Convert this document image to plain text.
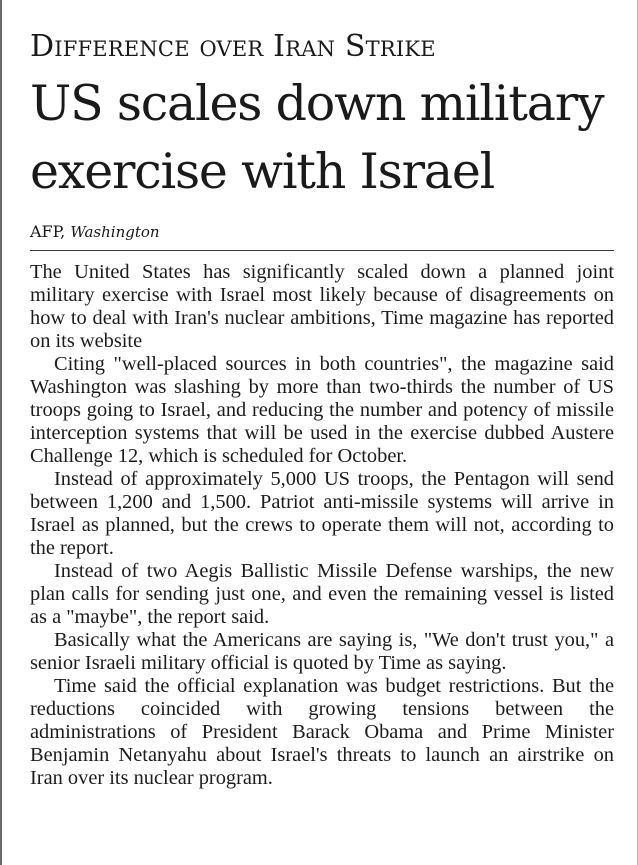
Difference over Iran Strike
US scales down military exercise with Israel
AFP, Washington

The United States has significantly scaled down a planned joint military exercise with Israel most likely because of disagreements on how to deal with Iran's nuclear ambitions, Time magazine has reported on its website

Citing "well-placed sources in both countries", the magazine said Washington was slashing by more than two-thirds the number of US troops going to Israel, and reducing the number and potency of missile interception systems that will be used in the exercise dubbed Austere Challenge 12, which is scheduled for October.

Instead of approximately 5,000 US troops, the Pentagon will send between 1,200 and 1,500. Patriot anti-missile systems will arrive in Israel as planned, but the crews to operate them will not, according to the report.

Instead of two Aegis Ballistic Missile Defense warships, the new plan calls for sending just one, and even the remaining vessel is listed as a "maybe", the report said.

Basically what the Americans are saying is, "We don't trust you," a senior Israeli military official is quoted by Time as saying.

Time said the official explanation was budget restrictions. But the reductions coincided with growing tensions between the administrations of President Barack Obama and Prime Minister Benjamin Netanyahu about Israel's threats to launch an airstrike on Iran over its nuclear program.
